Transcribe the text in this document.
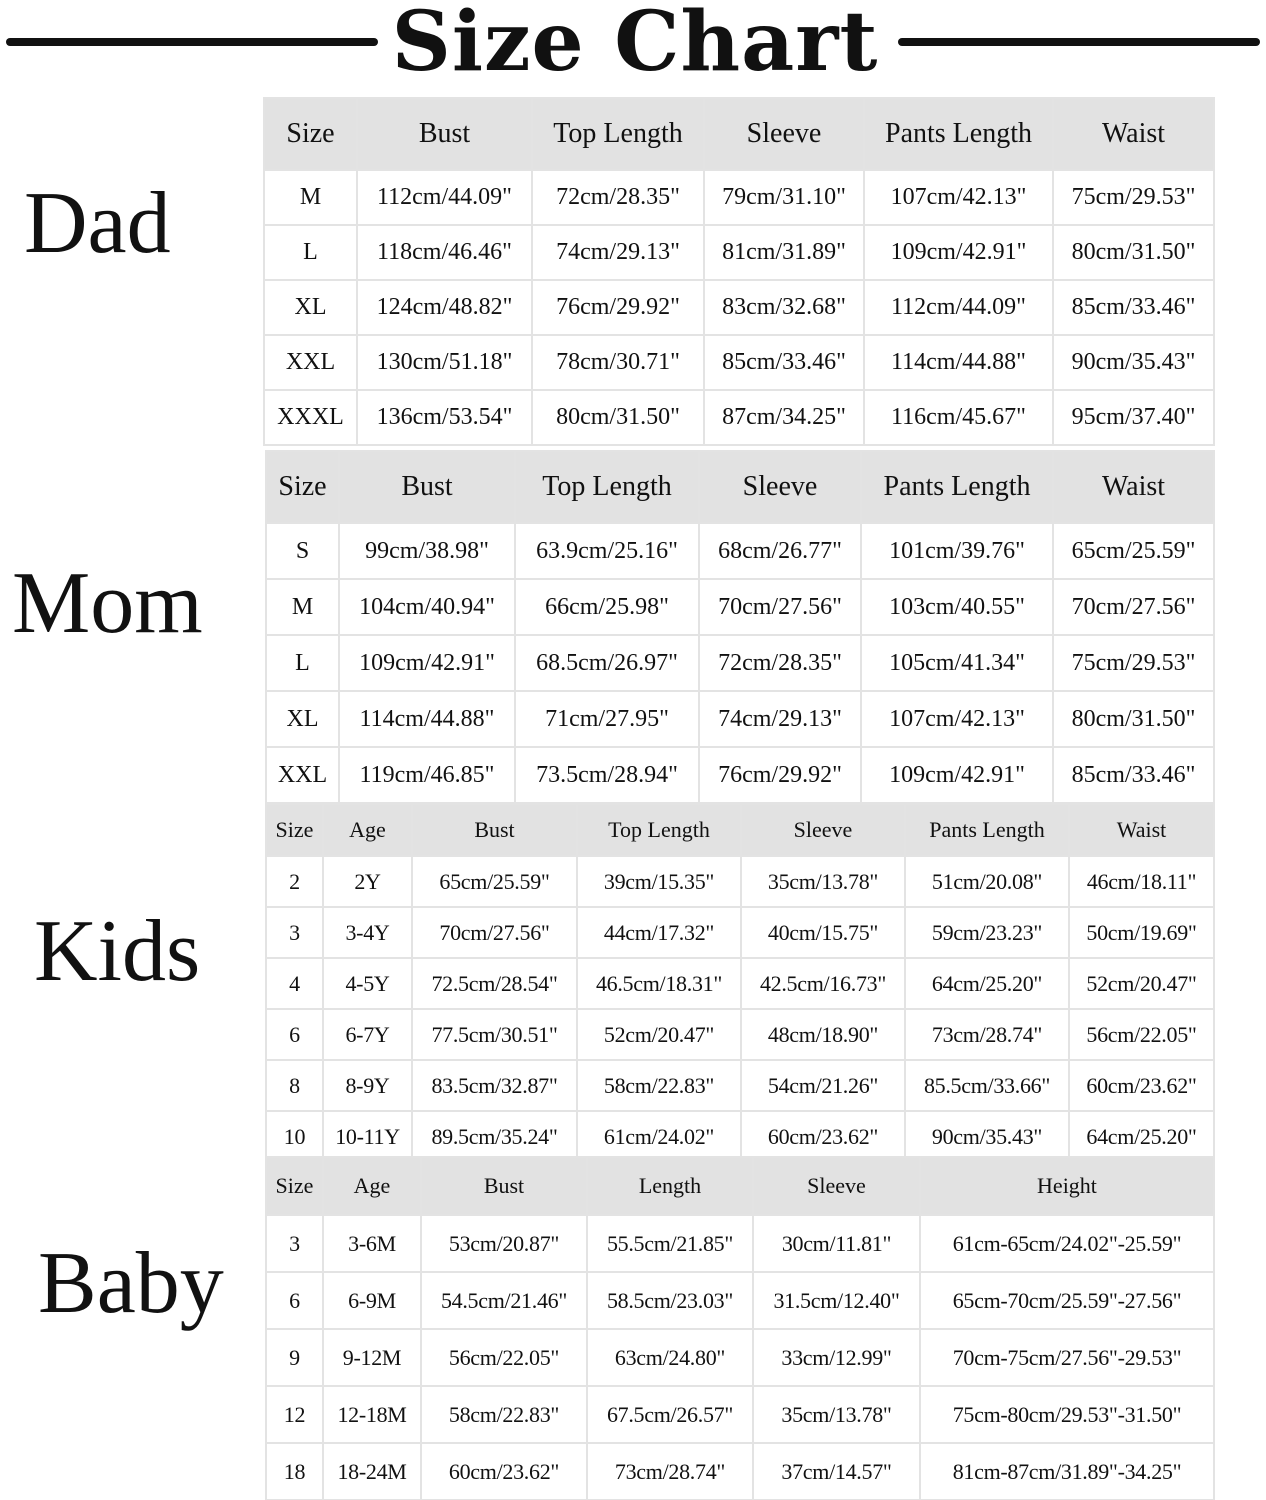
Size Chart
Dad
Mom
Kids
Baby
Size	Bust	Top Length	Sleeve	Pants Length	Waist
M	112cm/44.09"	72cm/28.35"	79cm/31.10"	107cm/42.13"	75cm/29.53"
L	118cm/46.46"	74cm/29.13"	81cm/31.89"	109cm/42.91"	80cm/31.50"
XL	124cm/48.82"	76cm/29.92"	83cm/32.68"	112cm/44.09"	85cm/33.46"
XXL	130cm/51.18"	78cm/30.71"	85cm/33.46"	114cm/44.88"	90cm/35.43"
XXXL	136cm/53.54"	80cm/31.50"	87cm/34.25"	116cm/45.67"	95cm/37.40"
Size	Bust	Top Length	Sleeve	Pants Length	Waist
S	99cm/38.98"	63.9cm/25.16"	68cm/26.77"	101cm/39.76"	65cm/25.59"
M	104cm/40.94"	66cm/25.98"	70cm/27.56"	103cm/40.55"	70cm/27.56"
L	109cm/42.91"	68.5cm/26.97"	72cm/28.35"	105cm/41.34"	75cm/29.53"
XL	114cm/44.88"	71cm/27.95"	74cm/29.13"	107cm/42.13"	80cm/31.50"
XXL	119cm/46.85"	73.5cm/28.94"	76cm/29.92"	109cm/42.91"	85cm/33.46"
Size	Age	Bust	Top Length	Sleeve	Pants Length	Waist
2	2Y	65cm/25.59"	39cm/15.35"	35cm/13.78"	51cm/20.08"	46cm/18.11"
3	3-4Y	70cm/27.56"	44cm/17.32"	40cm/15.75"	59cm/23.23"	50cm/19.69"
4	4-5Y	72.5cm/28.54"	46.5cm/18.31"	42.5cm/16.73"	64cm/25.20"	52cm/20.47"
6	6-7Y	77.5cm/30.51"	52cm/20.47"	48cm/18.90"	73cm/28.74"	56cm/22.05"
8	8-9Y	83.5cm/32.87"	58cm/22.83"	54cm/21.26"	85.5cm/33.66"	60cm/23.62"
10	10-11Y	89.5cm/35.24"	61cm/24.02"	60cm/23.62"	90cm/35.43"	64cm/25.20"
Size	Age	Bust	Length	Sleeve	Height
3	3-6M	53cm/20.87"	55.5cm/21.85"	30cm/11.81"	61cm-65cm/24.02"-25.59"
6	6-9M	54.5cm/21.46"	58.5cm/23.03"	31.5cm/12.40"	65cm-70cm/25.59"-27.56"
9	9-12M	56cm/22.05"	63cm/24.80"	33cm/12.99"	70cm-75cm/27.56"-29.53"
12	12-18M	58cm/22.83"	67.5cm/26.57"	35cm/13.78"	75cm-80cm/29.53"-31.50"
18	18-24M	60cm/23.62"	73cm/28.74"	37cm/14.57"	81cm-87cm/31.89"-34.25"
